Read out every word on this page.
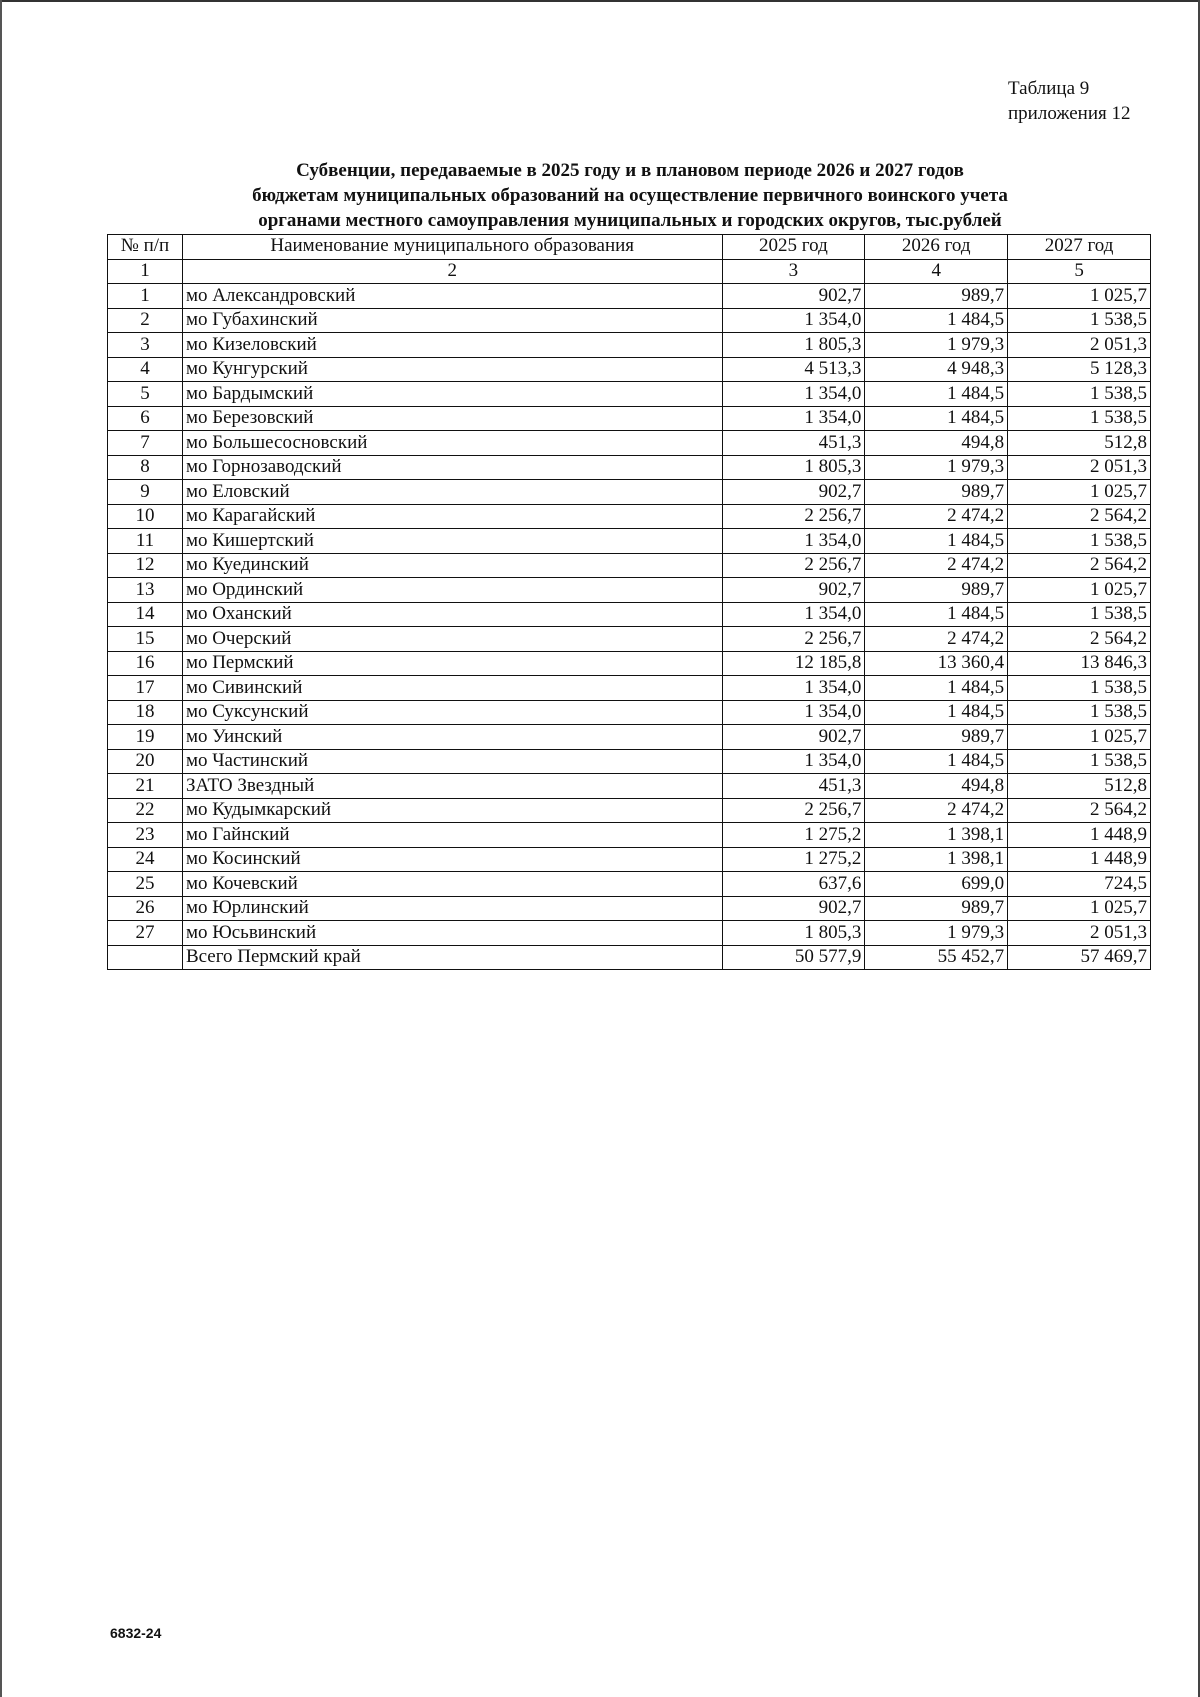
Таблица 9
приложения 12
Субвенции, передаваемые в 2025 году и в плановом периоде 2026 и 2027 годов
бюджетам муниципальных образований на осуществление первичного воинского учета
органами местного самоуправления муниципальных и городских округов, тыс.рублей
№ п/п	Наименование муниципального образования	2025 год	2026 год	2027 год
1	2	3	4	5
1	мо Александровский	902,7	989,7	1 025,7
2	мо Губахинский	1 354,0	1 484,5	1 538,5
3	мо Кизеловский	1 805,3	1 979,3	2 051,3
4	мо Кунгурский	4 513,3	4 948,3	5 128,3
5	мо Бардымский	1 354,0	1 484,5	1 538,5
6	мо Березовский	1 354,0	1 484,5	1 538,5
7	мо Большесосновский	451,3	494,8	512,8
8	мо Горнозаводский	1 805,3	1 979,3	2 051,3
9	мо Еловский	902,7	989,7	1 025,7
10	мо Карагайский	2 256,7	2 474,2	2 564,2
11	мо Кишертский	1 354,0	1 484,5	1 538,5
12	мо Куединский	2 256,7	2 474,2	2 564,2
13	мо Ординский	902,7	989,7	1 025,7
14	мо Оханский	1 354,0	1 484,5	1 538,5
15	мо Очерский	2 256,7	2 474,2	2 564,2
16	мо Пермский	12 185,8	13 360,4	13 846,3
17	мо Сивинский	1 354,0	1 484,5	1 538,5
18	мо Суксунский	1 354,0	1 484,5	1 538,5
19	мо Уинский	902,7	989,7	1 025,7
20	мо Частинский	1 354,0	1 484,5	1 538,5
21	ЗАТО Звездный	451,3	494,8	512,8
22	мо Кудымкарский	2 256,7	2 474,2	2 564,2
23	мо Гайнский	1 275,2	1 398,1	1 448,9
24	мо Косинский	1 275,2	1 398,1	1 448,9
25	мо Кочевский	637,6	699,0	724,5
26	мо Юрлинский	902,7	989,7	1 025,7
27	мо Юсьвинский	1 805,3	1 979,3	2 051,3
	Всего Пермский край	50 577,9	55 452,7	57 469,7
6832-24
